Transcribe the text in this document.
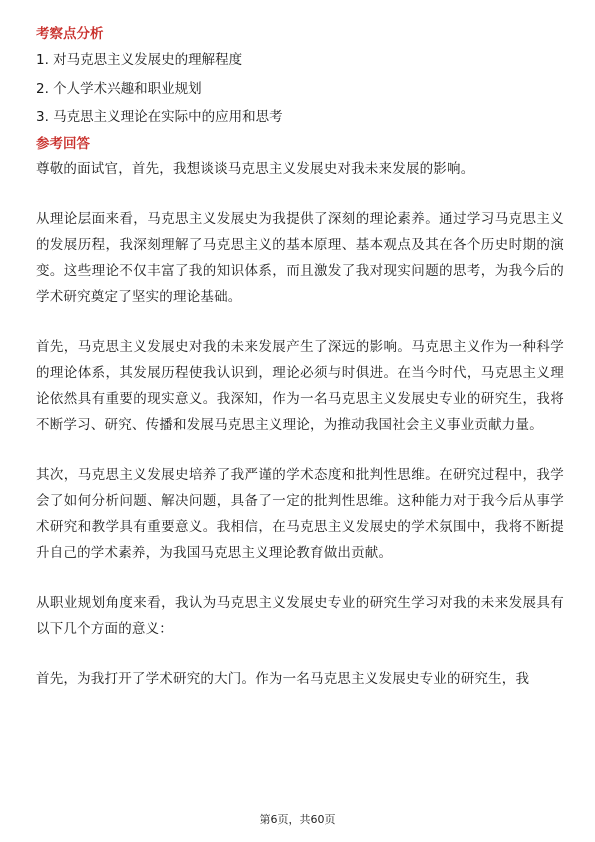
考察点分析
1. 对马克思主义发展史的理解程度
2. 个人学术兴趣和职业规划
3. 马克思主义理论在实际中的应用和思考
参考回答

尊敬的面试官，首先，我想谈谈马克思主义发展史对我未来发展的影响。

从理论层面来看，马克思主义发展史为我提供了深刻的理论素养。通过学习马克思主义的发展历程，我深刻理解了马克思主义的基本原理、基本观点及其在各个历史时期的演变。这些理论不仅丰富了我的知识体系，而且激发了我对现实问题的思考，为我今后的学术研究奠定了坚实的理论基础。

首先，马克思主义发展史对我的未来发展产生了深远的影响。马克思主义作为一种科学的理论体系，其发展历程使我认识到，理论必须与时俱进。在当今时代，马克思主义理论依然具有重要的现实意义。我深知，作为一名马克思主义发展史专业的研究生，我将不断学习、研究、传播和发展马克思主义理论，为推动我国社会主义事业贡献力量。

其次，马克思主义发展史培养了我严谨的学术态度和批判性思维。在研究过程中，我学会了如何分析问题、解决问题，具备了一定的批判性思维。这种能力对于我今后从事学术研究和教学具有重要意义。我相信，在马克思主义发展史的学术氛围中，我将不断提升自己的学术素养，为我国马克思主义理论教育做出贡献。

从职业规划角度来看，我认为马克思主义发展史专业的研究生学习对我的未来发展具有以下几个方面的意义：

首先，为我打开了学术研究的大门。作为一名马克思主义发展史专业的研究生，我

第6页，共60页
